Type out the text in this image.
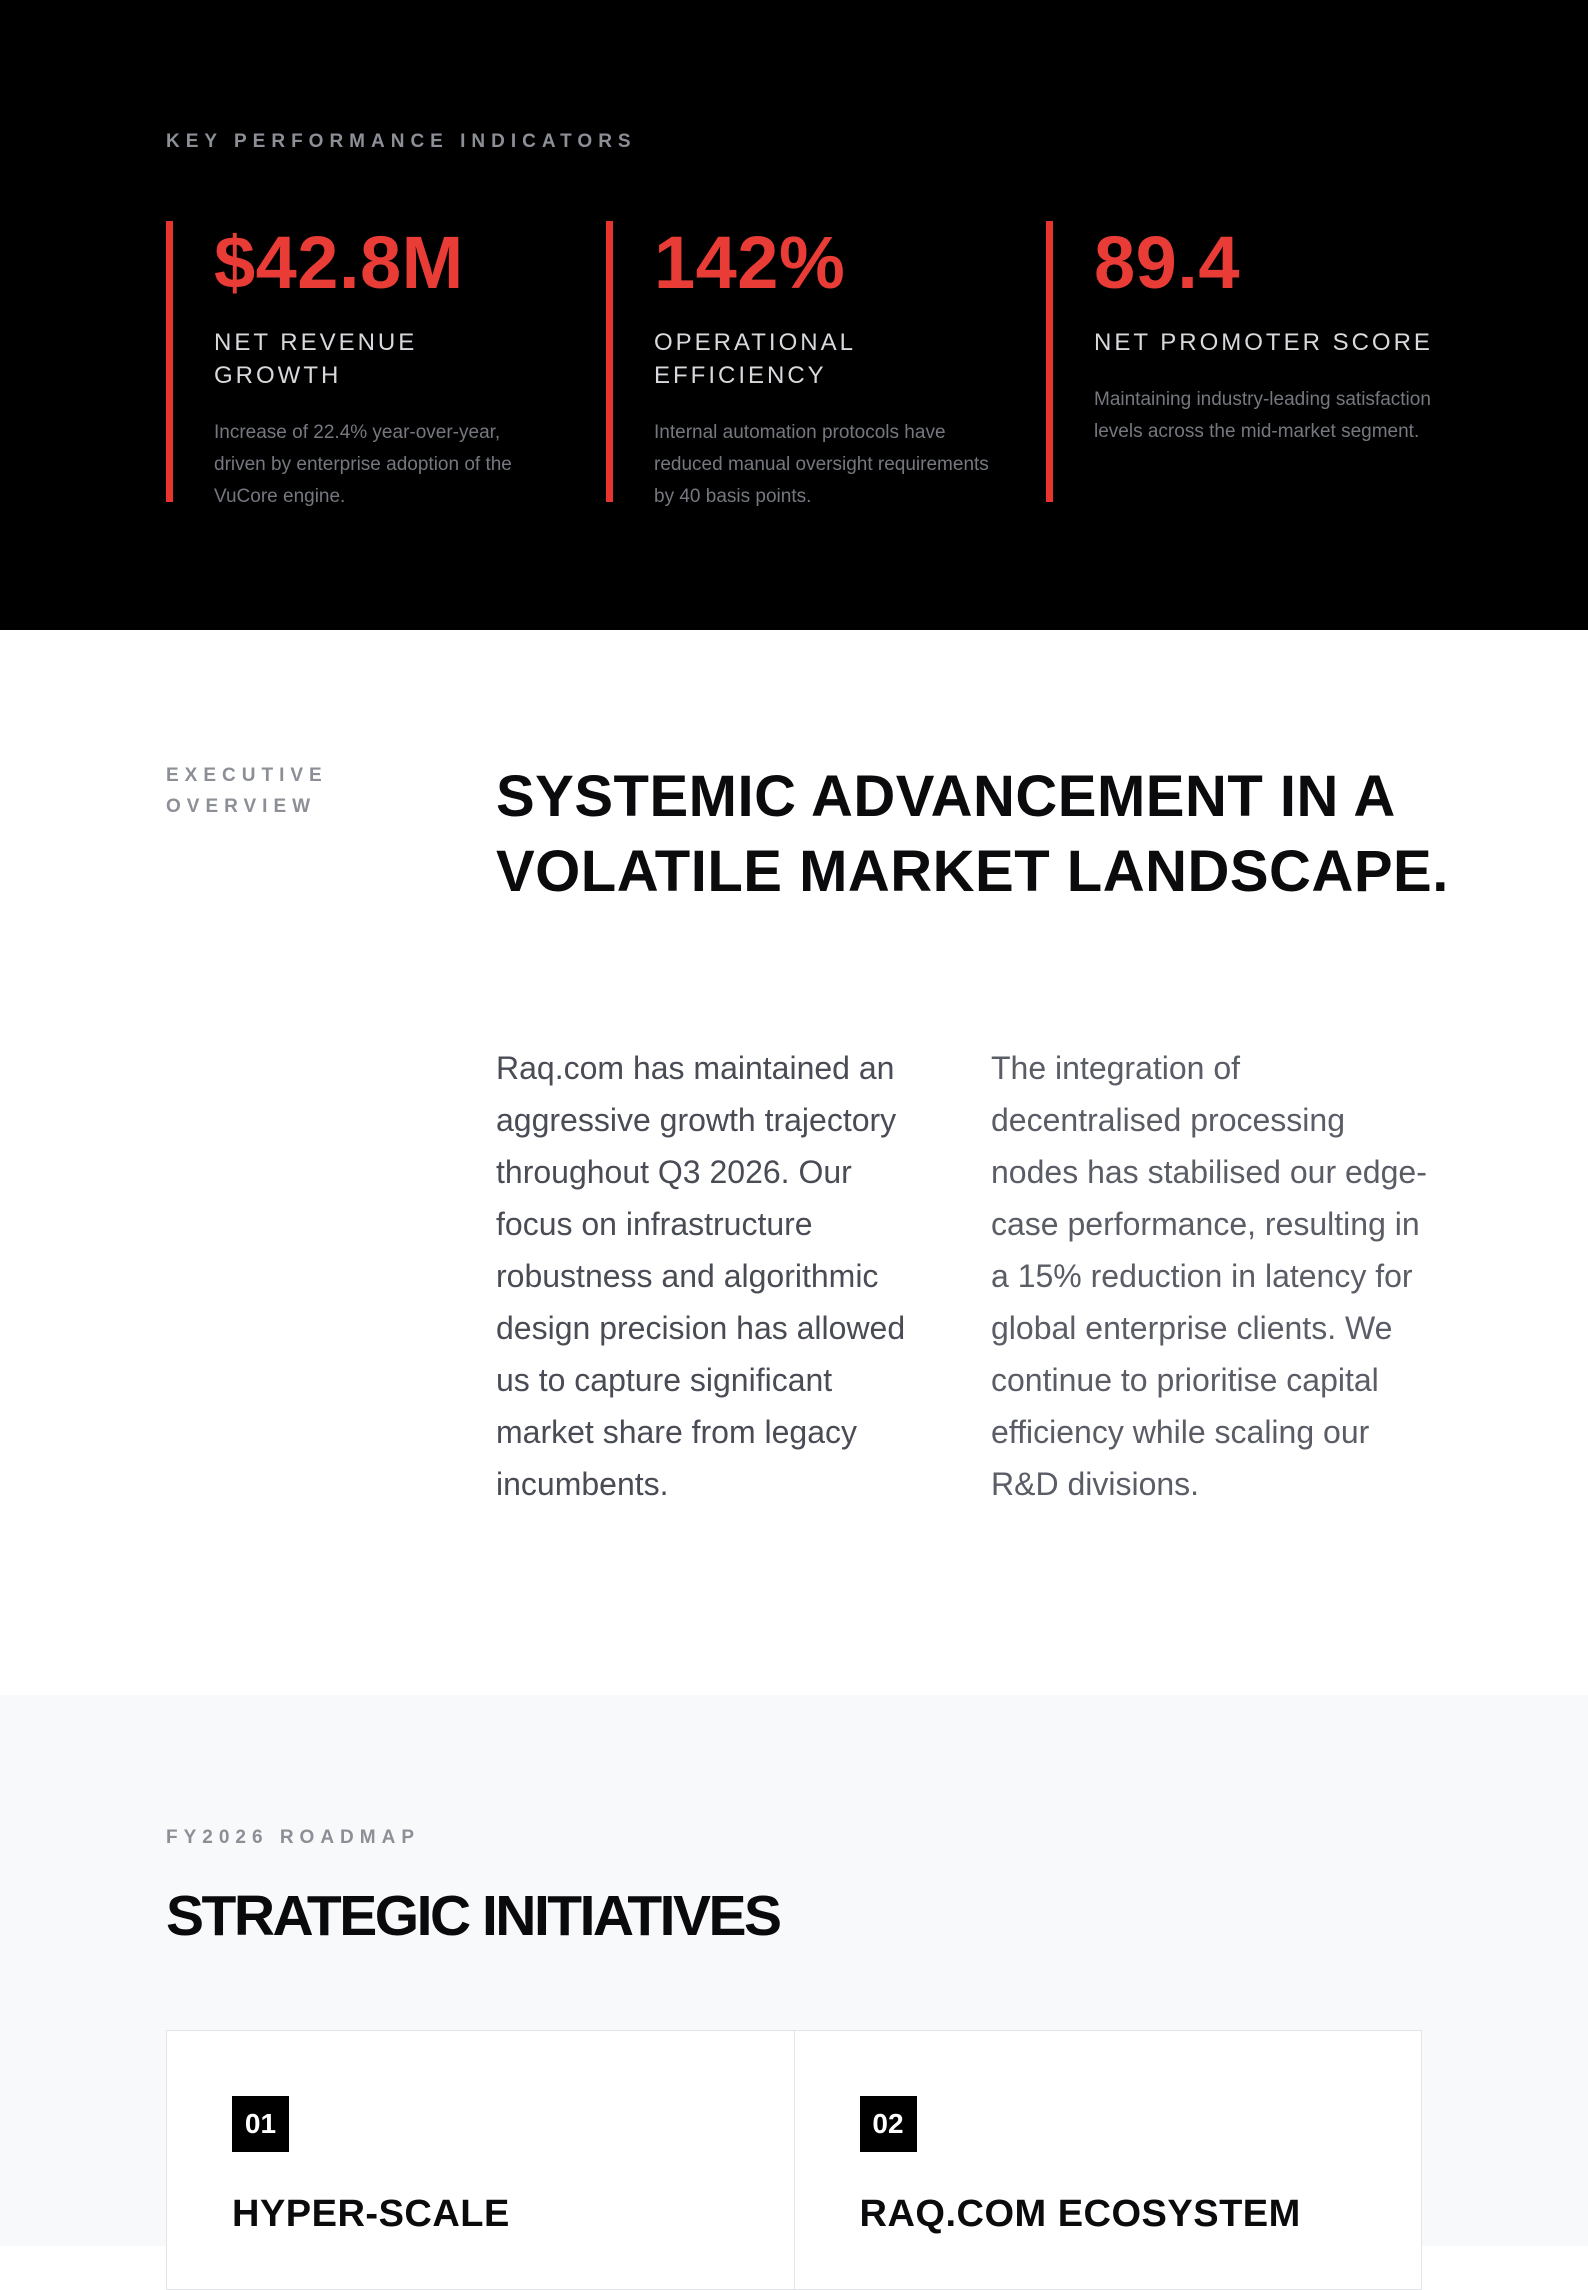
KEY PERFORMANCE INDICATORS
$42.8M
NET REVENUE GROWTH
Increase of 22.4% year-over-year, driven by enterprise adoption of the VuCore engine.
142%
OPERATIONAL EFFICIENCY
Internal automation protocols have reduced manual oversight requirements by 40 basis points.
89.4
NET PROMOTER SCORE
Maintaining industry-leading satisfaction levels across the mid-market segment.
EXECUTIVE OVERVIEW	SYSTEMIC ADVANCEMENT IN A VOLATILE MARKET LANDSCAPE.

Raq.com has maintained an aggressive growth trajectory throughout Q3 2026. Our focus on infrastructure robustness and algorithmic design precision has allowed us to capture significant market share from legacy incumbents.

The integration of decentralised processing nodes has stabilised our edge-case performance, resulting in a 15% reduction in latency for global enterprise clients. We continue to prioritise capital efficiency while scaling our R&D divisions.

FY2026 ROADMAP
STRATEGIC INITIATIVES
01
HYPER-SCALE
02
RAQ.COM ECOSYSTEM
